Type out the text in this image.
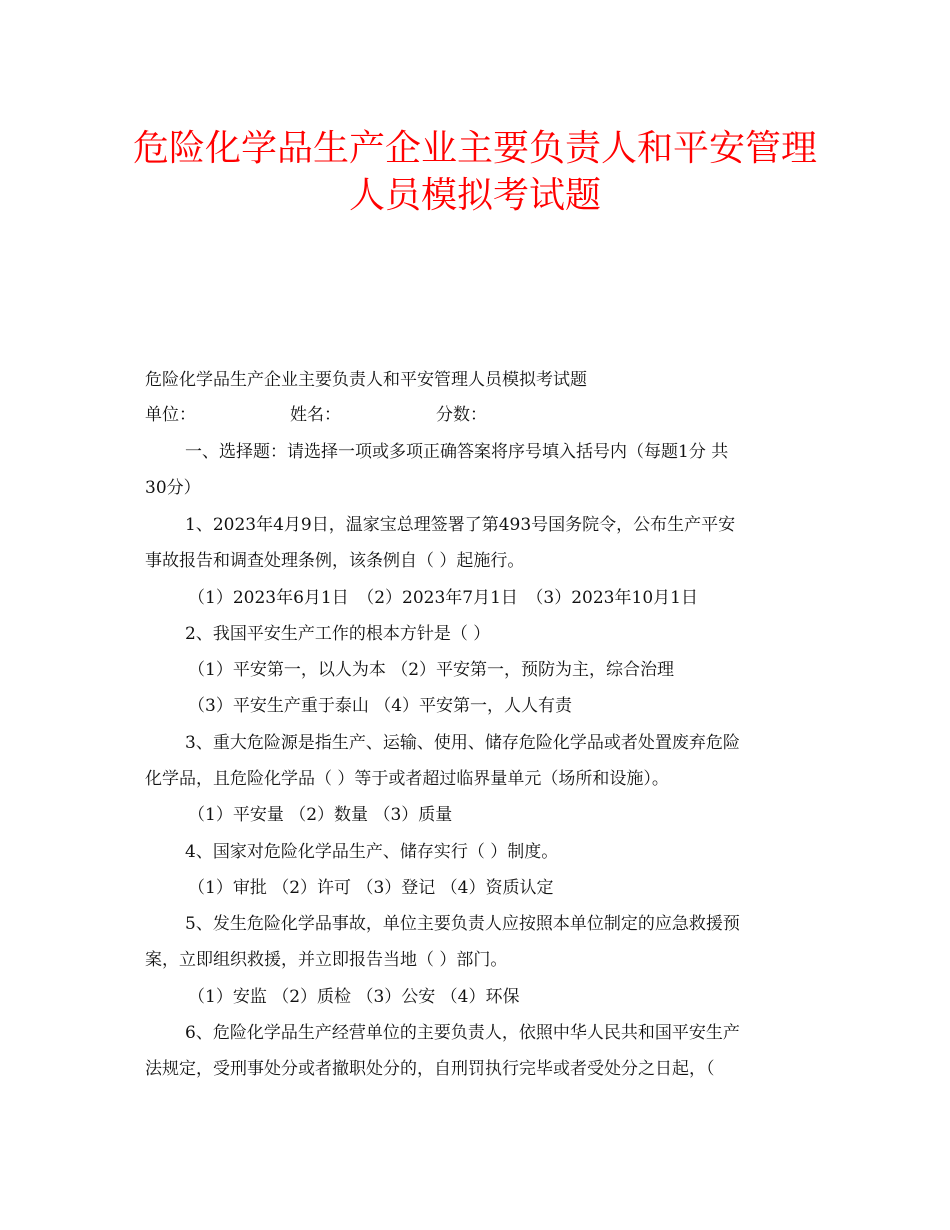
危险化学品生产企业主要负责人和平安管理
人员模拟考试题
危险化学品生产企业主要负责人和平安管理人员模拟考试题
单位：	姓名：	分数：
一、选择题：请选择一项或多项正确答案将序号填入括号内（每题1分 共
30分）
1、2023年4月9日，温家宝总理签署了第493号国务院令，公布生产平安
事故报告和调查处理条例，该条例自（ ）起施行。
（1）2023年6月1日　（2）2023年7月1日　（3）2023年10月1日
2、我国平安生产工作的根本方针是（ ）
（1）平安第一，以人为本 （2）平安第一，预防为主，综合治理
（3）平安生产重于泰山 （4）平安第一，人人有责
3、重大危险源是指生产、运输、使用、储存危险化学品或者处置废弃危险
化学品，且危险化学品（ ）等于或者超过临界量单元（场所和设施）。
（1）平安量 （2）数量 （3）质量
4、国家对危险化学品生产、储存实行（ ）制度。
（1）审批 （2）许可 （3）登记 （4）资质认定
5、发生危险化学品事故，单位主要负责人应按照本单位制定的应急救援预
案，立即组织救援，并立即报告当地（ ）部门。
（1）安监 （2）质检 （3）公安 （4）环保
6、危险化学品生产经营单位的主要负责人，依照中华人民共和国平安生产
法规定，受刑事处分或者撤职处分的，自刑罚执行完毕或者受处分之日起，（
